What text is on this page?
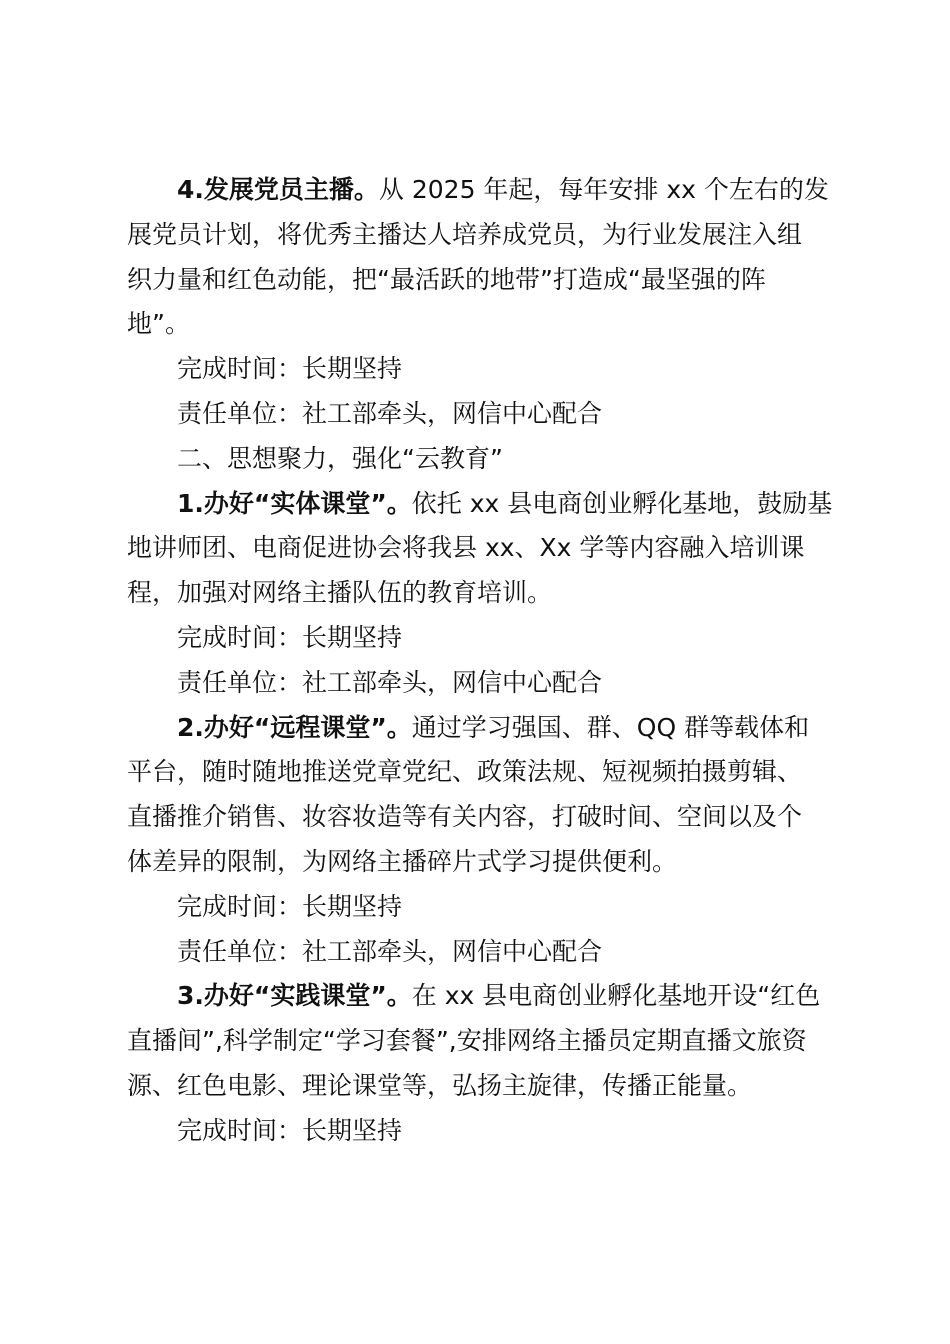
4.发展党员主播。从 2025 年起，每年安排 xx 个左右的发
展党员计划，将优秀主播达人培养成党员，为行业发展注入组
织力量和红色动能，把“最活跃的地带”打造成“最坚强的阵
地”。

完成时间：长期坚持

责任单位：社工部牵头，网信中心配合

二、思想聚力，强化“云教育”

1.办好“实体课堂”。依托 xx 县电商创业孵化基地，鼓励基
地讲师团、电商促进协会将我县 xx、Xx 学等内容融入培训课
程，加强对网络主播队伍的教育培训。

完成时间：长期坚持

责任单位：社工部牵头，网信中心配合

2.办好“远程课堂”。通过学习强国、群、QQ 群等载体和
平台，随时随地推送党章党纪、政策法规、短视频拍摄剪辑、
直播推介销售、妆容妆造等有关内容，打破时间、空间以及个
体差异的限制，为网络主播碎片式学习提供便利。

完成时间：长期坚持

责任单位：社工部牵头，网信中心配合

3.办好“实践课堂”。在 xx 县电商创业孵化基地开设“红色
直播间”,科学制定“学习套餐”,安排网络主播员定期直播文旅资
源、红色电影、理论课堂等，弘扬主旋律，传播正能量。

完成时间：长期坚持
